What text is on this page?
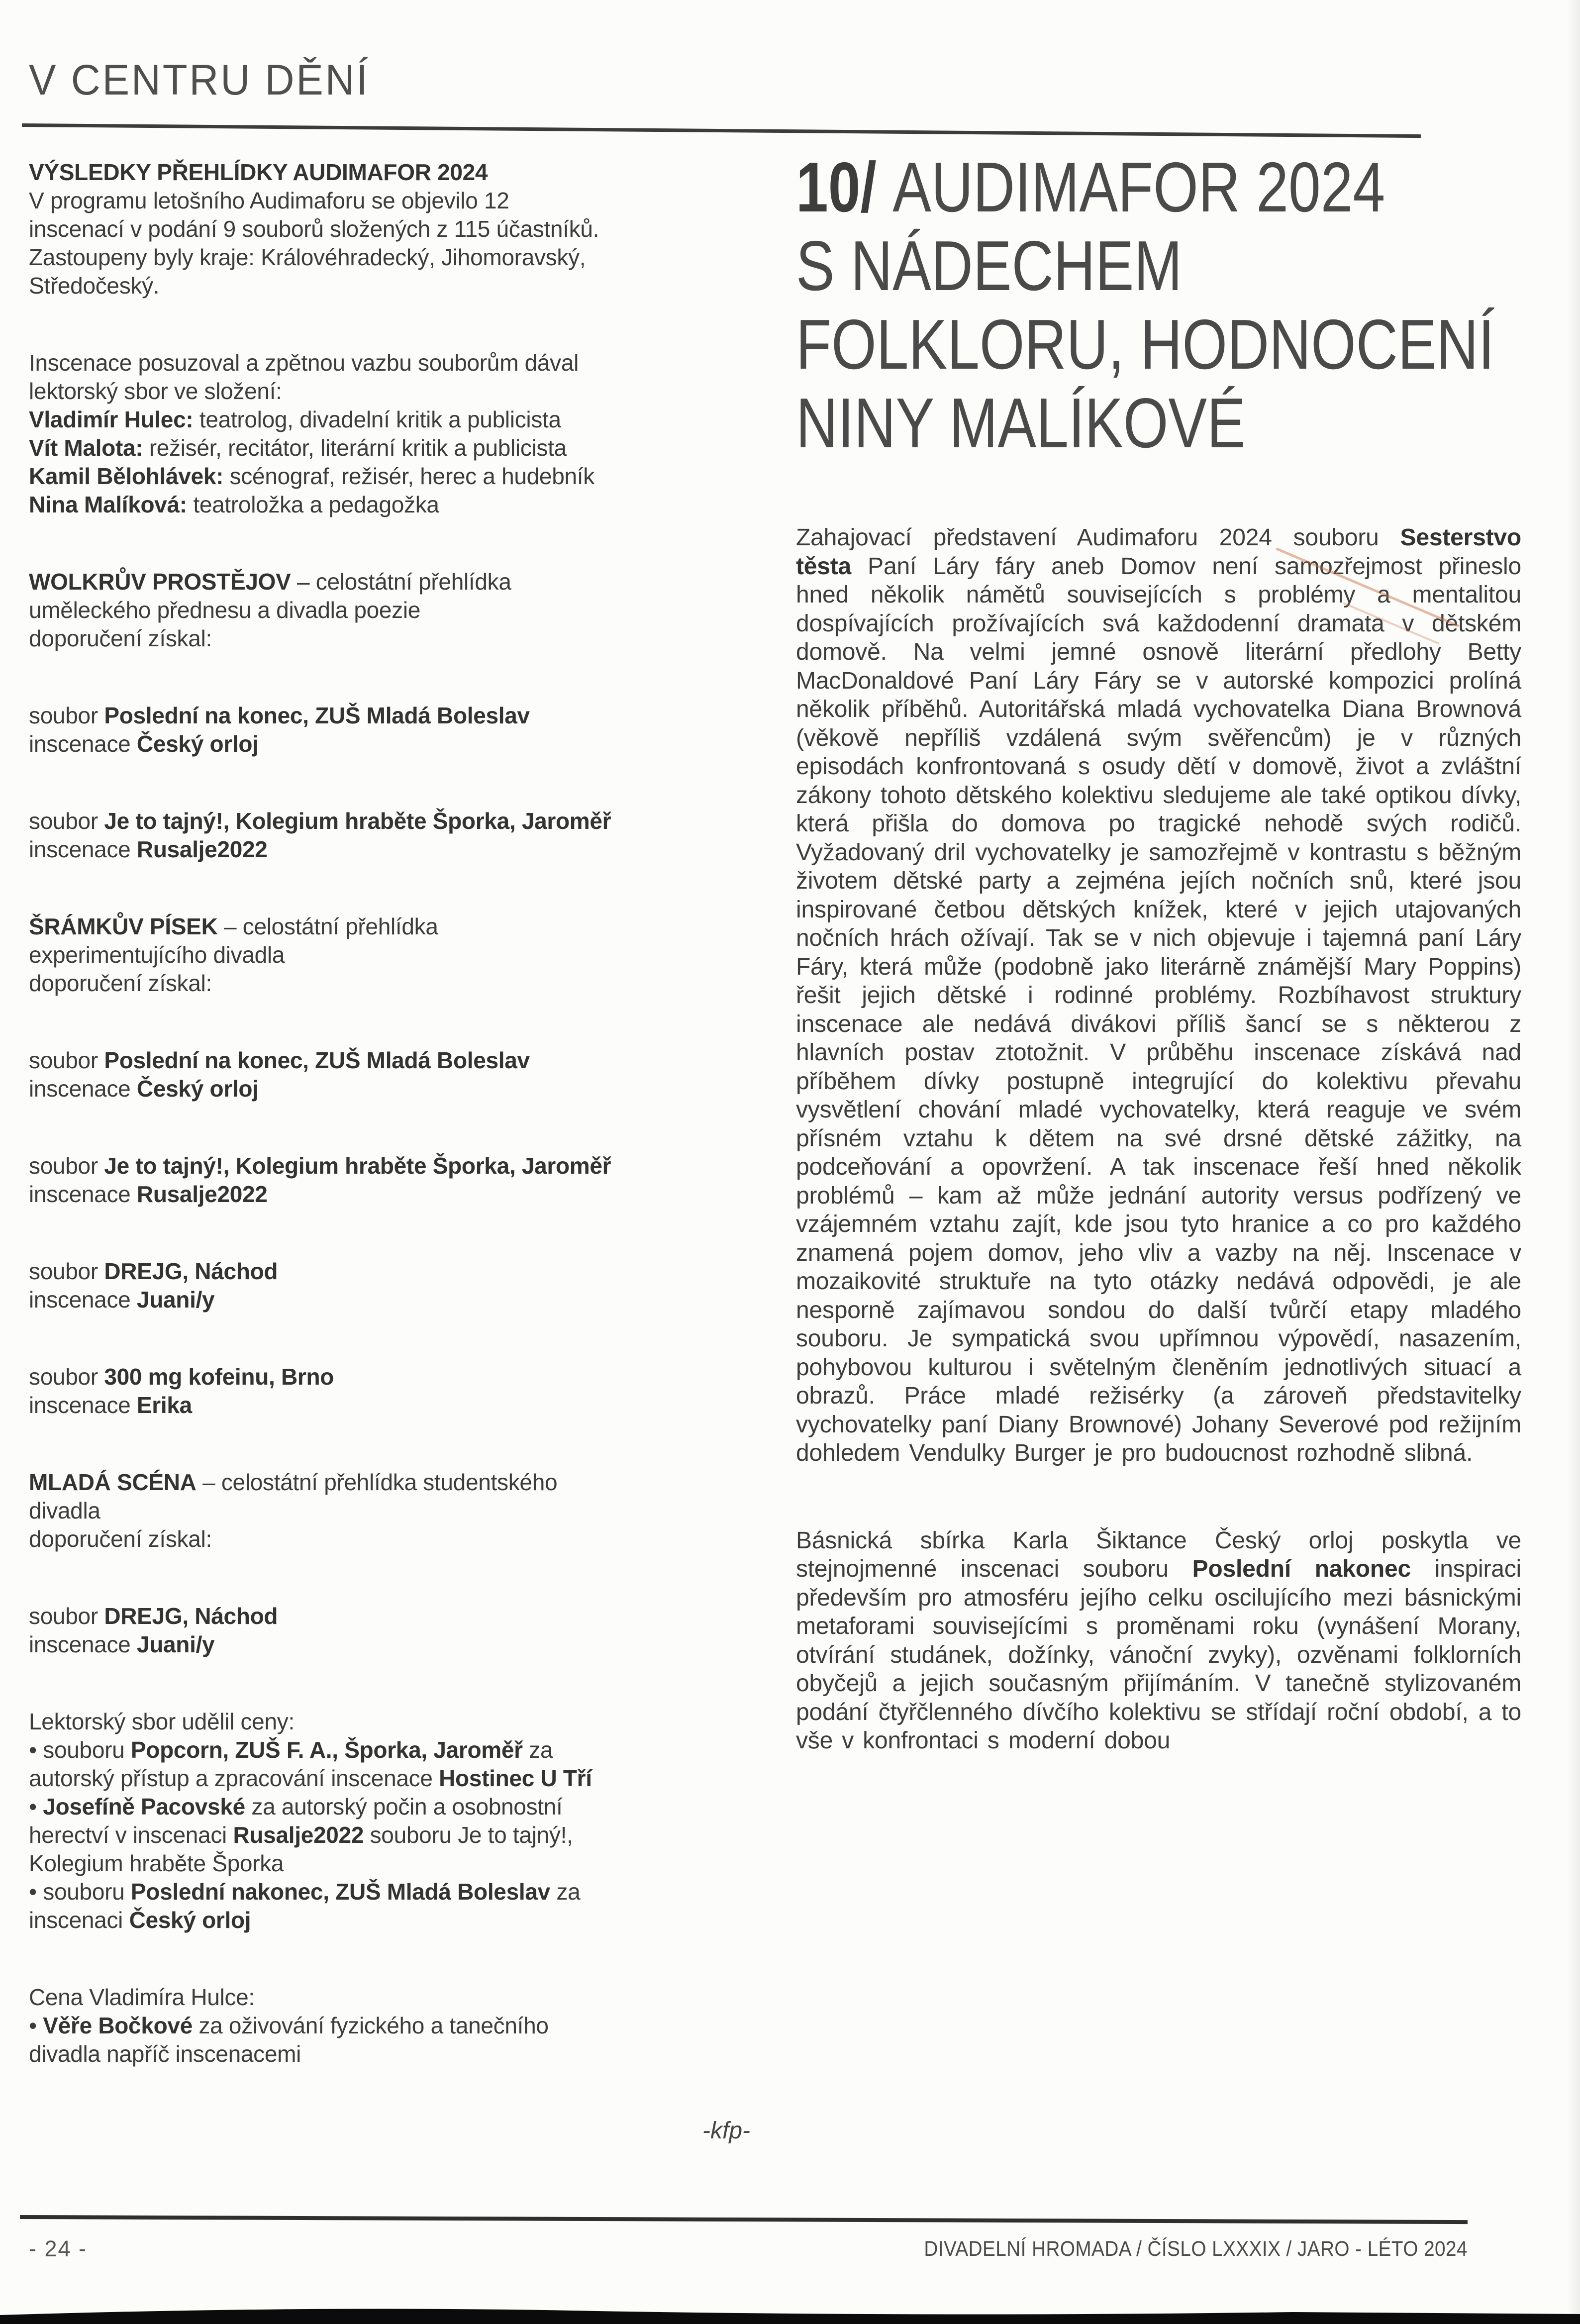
V CENTRU DĚNÍ
VÝSLEDKY PŘEHLÍDKY AUDIMAFOR 2024
V programu letošního Audimaforu se objevilo 12
inscenací v podání 9 souborů složených z 115 účastníků.
Zastoupeny byly kraje: Královéhradecký, Jihomoravský,
Středočeský.
Inscenace posuzoval a zpětnou vazbu souborům dával
lektorský sbor ve složení:
Vladimír Hulec: teatrolog, divadelní kritik a publicista
Vít Malota: režisér, recitátor, literární kritik a publicista
Kamil Bělohlávek: scénograf, režisér, herec a hudebník
Nina Malíková: teatroložka a pedagožka
WOLKRŮV PROSTĚJOV – celostátní přehlídka
uměleckého přednesu a divadla poezie
doporučení získal:
soubor Poslední na konec, ZUŠ Mladá Boleslav
inscenace Český orloj
soubor Je to tajný!, Kolegium hraběte Šporka, Jaroměř
inscenace Rusalje2022
ŠRÁMKŮV PÍSEK – celostátní přehlídka
experimentujícího divadla
doporučení získal:
soubor Poslední na konec, ZUŠ Mladá Boleslav
inscenace Český orloj
soubor Je to tajný!, Kolegium hraběte Šporka, Jaroměř
inscenace Rusalje2022
soubor DREJG, Náchod
inscenace Juani/y
soubor 300 mg kofeinu, Brno
inscenace Erika
MLADÁ SCÉNA – celostátní přehlídka studentského
divadla
doporučení získal:
soubor DREJG, Náchod
inscenace Juani/y
Lektorský sbor udělil ceny:
• souboru Popcorn, ZUŠ F. A., Šporka, Jaroměř za
autorský přístup a zpracování inscenace Hostinec U Tří
• Josefíně Pacovské za autorský počin a osobnostní
herectví v inscenaci Rusalje2022 souboru Je to tajný!,
Kolegium hraběte Šporka
• souboru Poslední nakonec, ZUŠ Mladá Boleslav za
inscenaci Český orloj
Cena Vladimíra Hulce:
• Věře Bočkové za oživování fyzického a tanečního
divadla napříč inscenacemi
-kfp-
10/ AUDIMAFOR 2024
S NÁDECHEM
FOLKLORU, HODNOCENÍ
NINY MALÍKOVÉ

Zahajovací představení Audimaforu 2024 souboru Sesterstvo těsta Paní Láry fáry aneb Domov není samozřejmost přineslo hned několik námětů souvisejících s problémy a mentalitou dospívajících prožívajících svá každodenní dramata v dětském domově. Na velmi jemné osnově literární předlohy Betty MacDonaldové Paní Láry Fáry se v autorské kompozici prolíná několik příběhů. Autoritářská mladá vychovatelka Diana Brownová (věkově nepříliš vzdálená svým svěřencům) je v různých episodách konfrontovaná s osudy dětí v domově, život a zvláštní zákony tohoto dětského kolektivu sledujeme ale také optikou dívky, která přišla do domova po tragické nehodě svých rodičů. Vyžadovaný dril vychovatelky je samozřejmě v kontrastu s běžným životem dětské party a zejména jejích nočních snů, které jsou inspirované četbou dětských knížek, které v jejich utajovaných nočních hrách ožívají. Tak se v nich objevuje i tajemná paní Láry Fáry, která může (podobně jako literárně známější Mary Poppins) řešit jejich dětské i rodinné problémy. Rozbíhavost struktury inscenace ale nedává divákovi příliš šancí se s některou z hlavních postav ztotožnit. V průběhu inscenace získává nad příběhem dívky postupně integrující do kolektivu převahu vysvětlení chování mladé vychovatelky, která reaguje ve svém přísném vztahu k dětem na své drsné dětské zážitky, na podceňování a opovržení. A tak inscenace řeší hned několik problémů – kam až může jednání autority versus podřízený ve vzájemném vztahu zajít, kde jsou tyto hranice a co pro každého znamená pojem domov, jeho vliv a vazby na něj. Inscenace v mozaikovité struktuře na tyto otázky nedává odpovědi, je ale nesporně zajímavou sondou do další tvůrčí etapy mladého souboru. Je sympatická svou upřímnou výpovědí, nasazením, pohybovou kulturou i světelným členěním jednotlivých situací a obrazů. Práce mladé režisérky (a zároveň představitelky vychovatelky paní Diany Brownové) Johany Severové pod režijním dohledem Vendulky Burger je pro budoucnost rozhodně slibná.

Básnická sbírka Karla Šiktance Český orloj poskytla ve stejnojmenné inscenaci souboru Poslední nakonec inspiraci především pro atmosféru jejího celku oscilujícího mezi básnickými metaforami souvisejícími s proměnami roku (vynášení Morany, otvírání studánek, dožínky, vánoční zvyky), ozvěnami folklorních obyčejů a jejich současným přijímáním. V tanečně stylizovaném podání čtyřčlenného dívčího kolektivu se střídají roční období, a to vše v konfrontaci s moderní dobou

- 24 -	DIVADELNÍ HROMADA / ČÍSLO LXXXIX / JARO - LÉTO 2024
